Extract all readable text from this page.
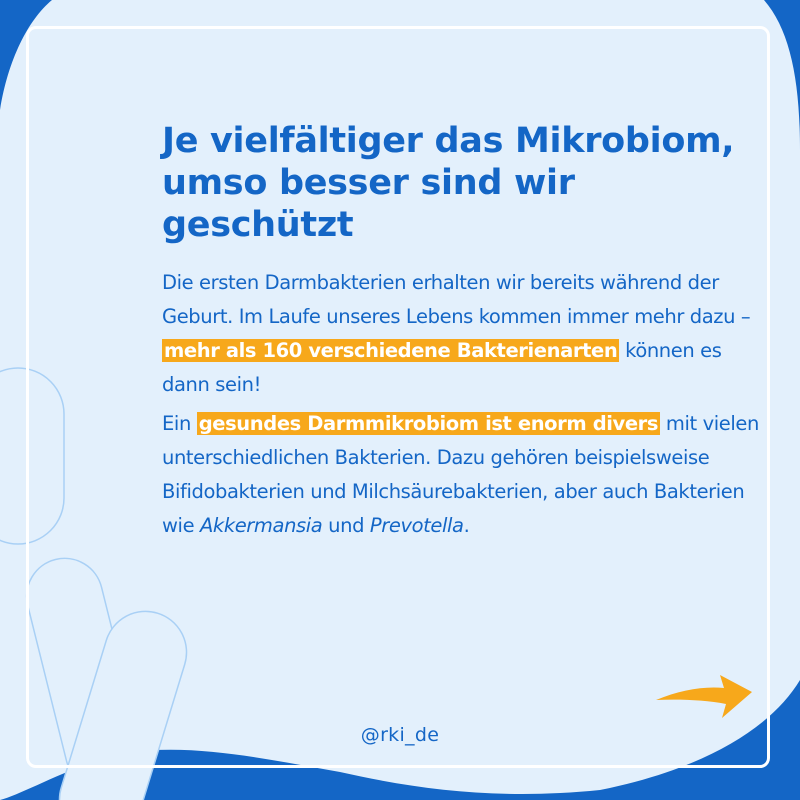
Je vielfältiger das Mikrobiom,
umso besser sind wir geschützt

Die ersten Darmbakterien erhalten wir bereits während der Geburt. Im Laufe unseres Lebens kommen immer mehr dazu – mehr als 160 verschiedene Bakterienarten können es dann sein!

Ein gesundes Darmmikrobiom ist enorm divers mit vielen unterschiedlichen Bakterien. Dazu gehören beispielsweise Bifidobakterien und Milchsäurebakterien, aber auch Bakterien wie Akkermansia und Prevotella.

@rki_de
